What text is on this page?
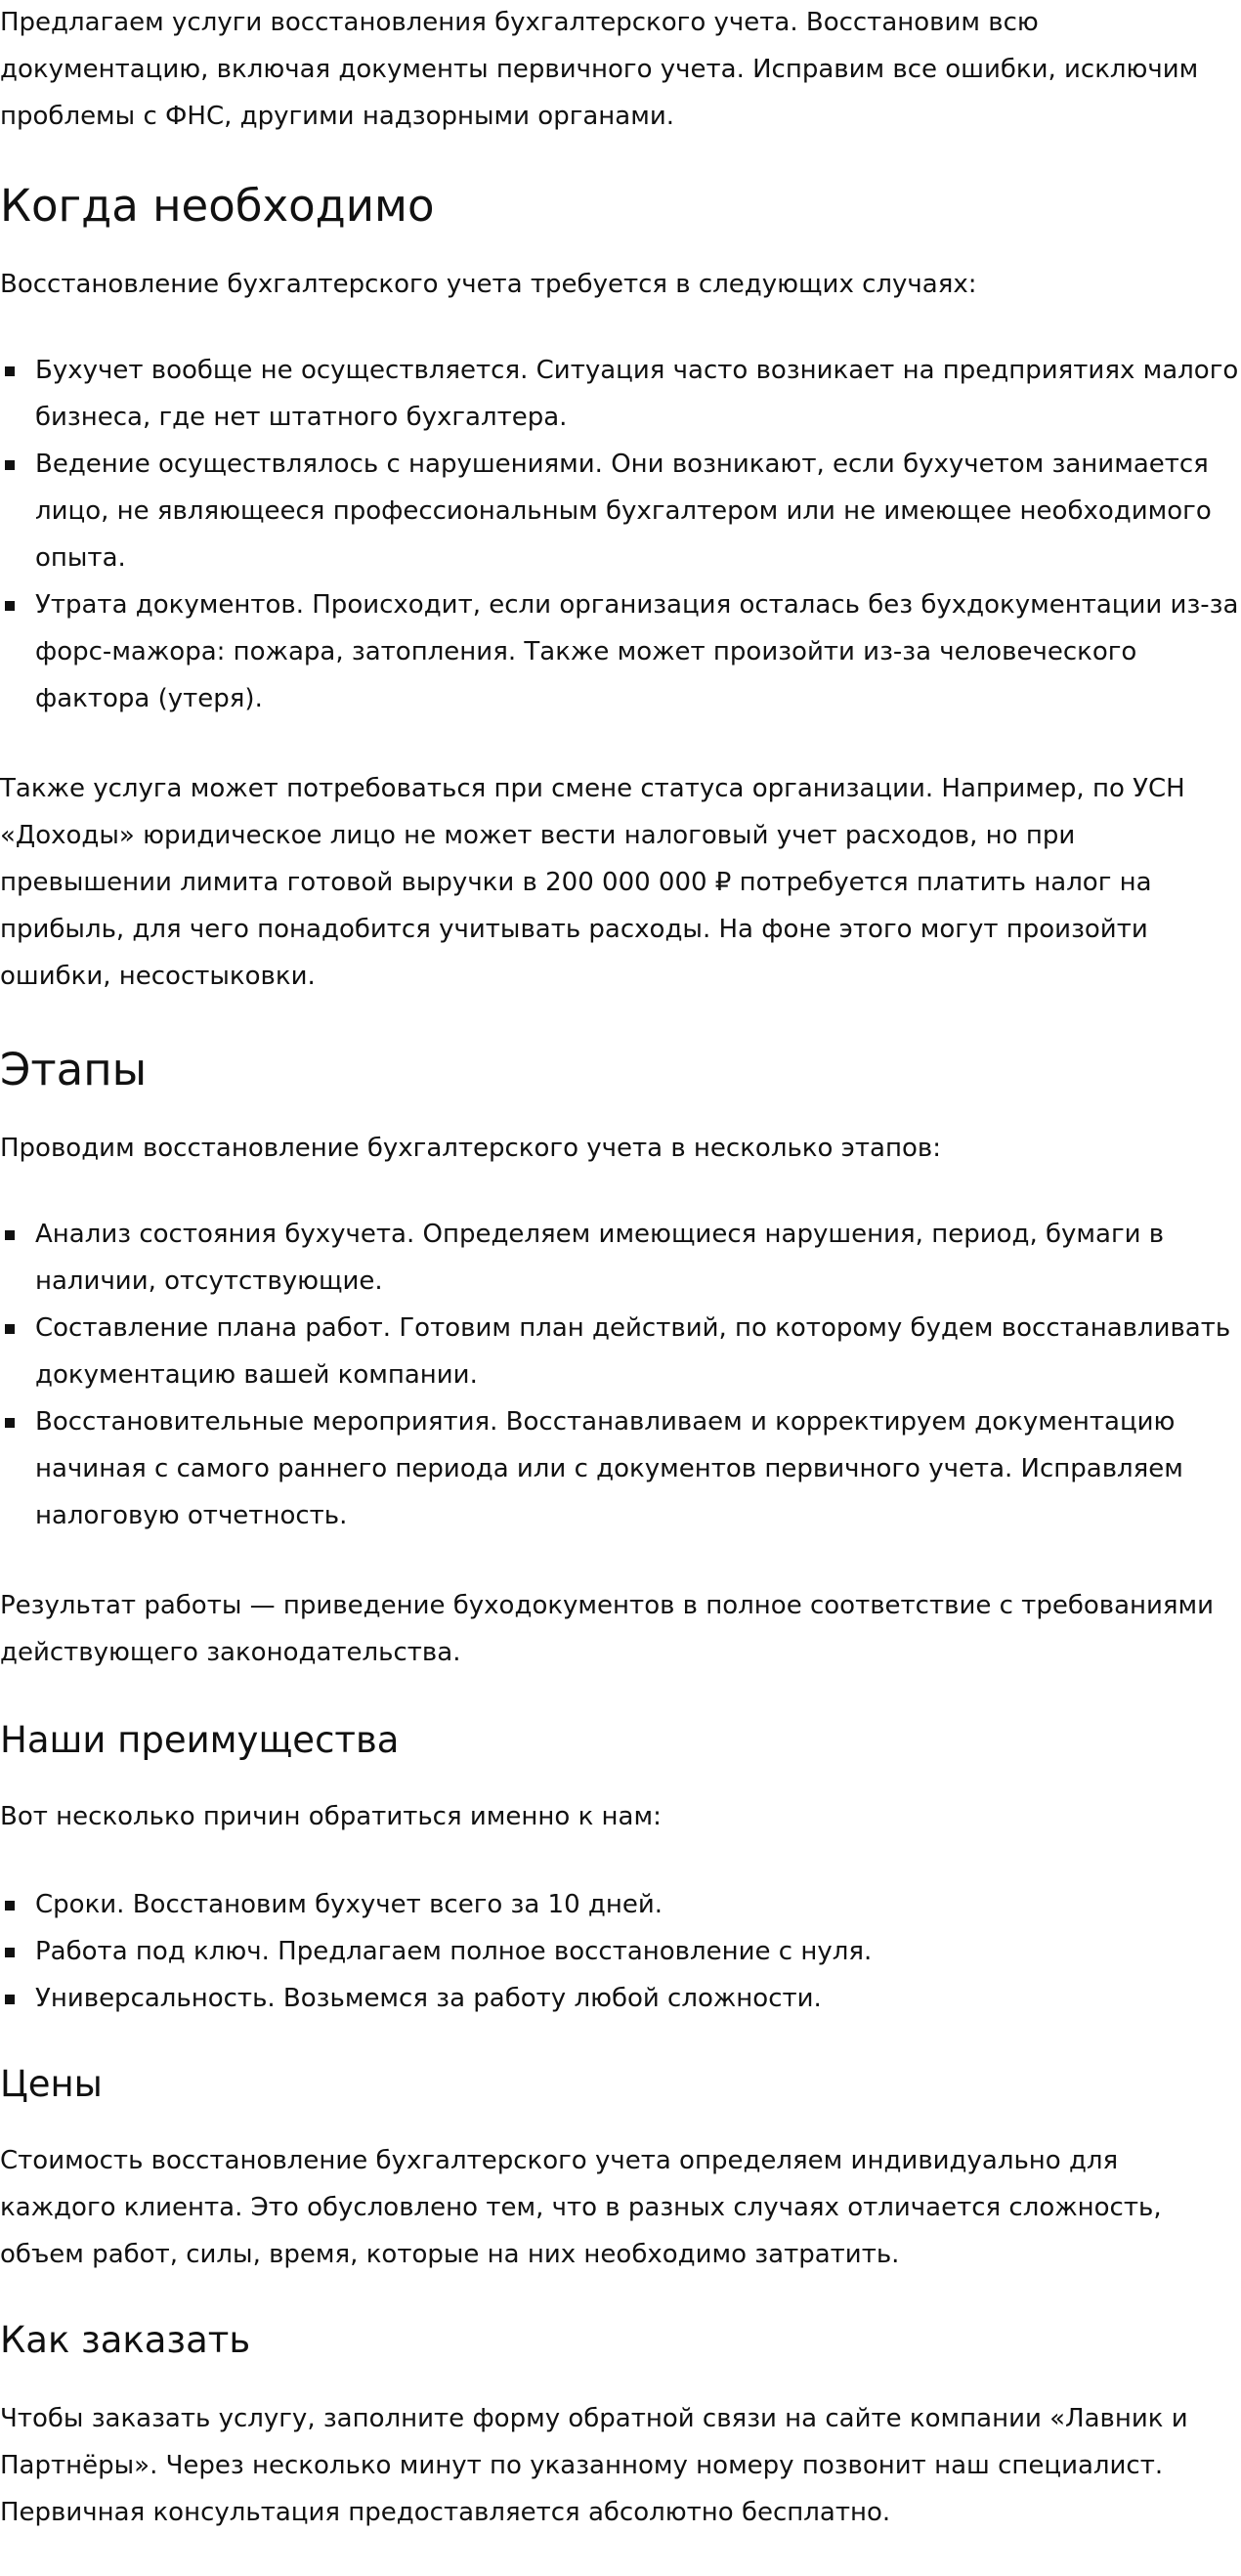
Предлагаем услуги восстановления бухгалтерского учета. Восстановим всю документацию, включая документы первичного учета. Исправим все ошибки, исключим проблемы с ФНС, другими надзорными органами.

Когда необходимо

Восстановление бухгалтерского учета требуется в следующих случаях:

Бухучет вообще не осуществляется. Ситуация часто возникает на предприятиях малого бизнеса, где нет штатного бухгалтера.
Ведение осуществлялось с нарушениями. Они возникают, если бухучетом занимается лицо, не являющееся профессиональным бухгалтером или не имеющее необходимого опыта.
Утрата документов. Происходит, если организация осталась без бухдокументации из-за форс-мажора: пожара, затопления. Также может произойти из-за человеческого фактора (утеря).

Также услуга может потребоваться при смене статуса организации. Например, по УСН «Доходы» юридическое лицо не может вести налоговый учет расходов, но при превышении лимита готовой выручки в 200 000 000 ₽ потребуется платить налог на прибыль, для чего понадобится учитывать расходы. На фоне этого могут произойти ошибки, несостыковки.

Этапы

Проводим восстановление бухгалтерского учета в несколько этапов:

Анализ состояния бухучета. Определяем имеющиеся нарушения, период, бумаги в наличии, отсутствующие.
Составление плана работ. Готовим план действий, по которому будем восстанавливать документацию вашей компании.
Восстановительные мероприятия. Восстанавливаем и корректируем документацию начиная с самого раннего периода или с документов первичного учета. Исправляем налоговую отчетность.

Результат работы — приведение буходокументов в полное соответствие с требованиями действующего законодательства.

Наши преимущества

Вот несколько причин обратиться именно к нам:

Сроки. Восстановим бухучет всего за 10 дней.
Работа под ключ. Предлагаем полное восстановление с нуля.
Универсальность. Возьмемся за работу любой сложности.
Цены

Стоимость восстановление бухгалтерского учета определяем индивидуально для каждого клиента. Это обусловлено тем, что в разных случаях отличается сложность, объем работ, силы, время, которые на них необходимо затратить.

Как заказать

Чтобы заказать услугу, заполните форму обратной связи на сайте компании «Лавник и Партнёры». Через несколько минут по указанному номеру позвонит наш специалист. Первичная консультация предоставляется абсолютно бесплатно.
